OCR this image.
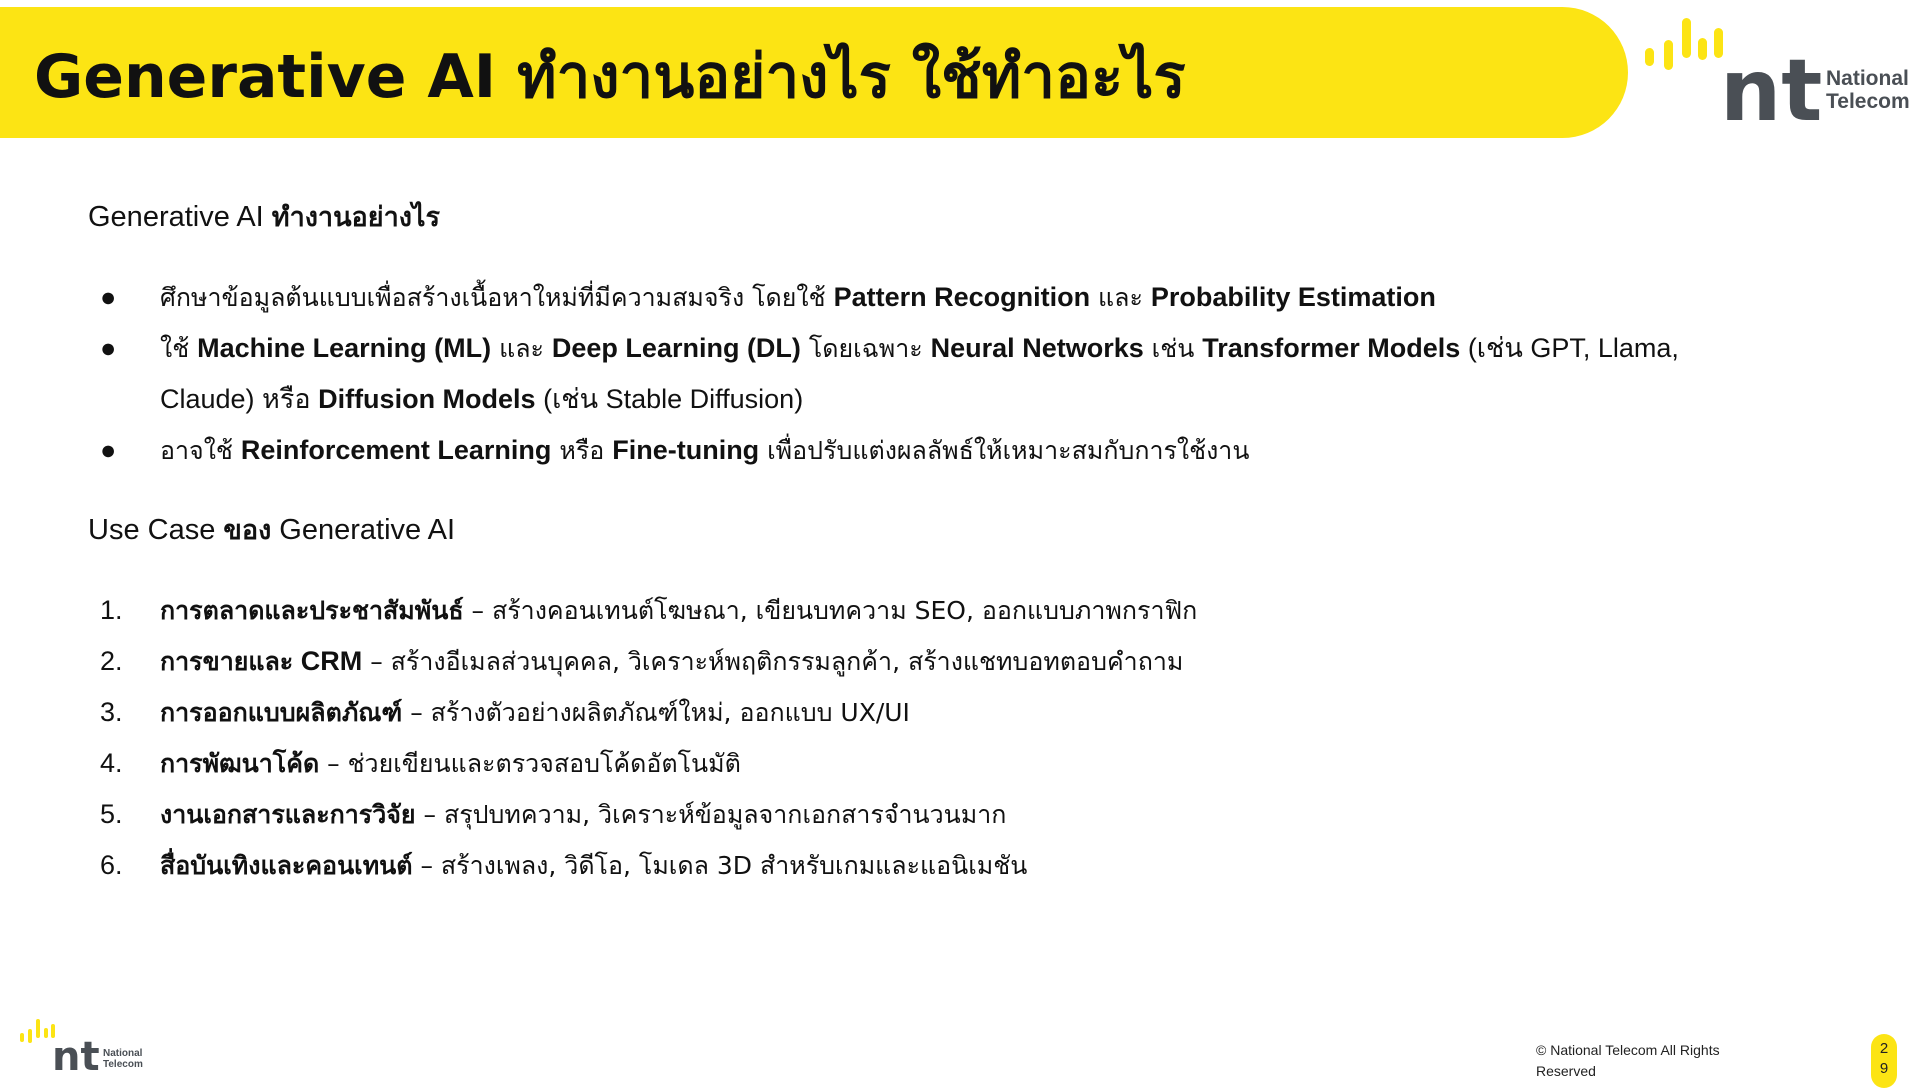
Generative AI ทำงานอย่างไร ใช้ทำอะไร	nt National
Telecom
Generative AI ทำงานอย่างไร
●	ศึกษาข้อมูลต้นแบบเพื่อสร้างเนื้อหาใหม่ที่มีความสมจริง โดยใช้ Pattern Recognition และ Probability Estimation
●	ใช้ Machine Learning (ML) และ Deep Learning (DL) โดยเฉพาะ Neural Networks เช่น Transformer Models (เช่น GPT, Llama,
Claude) หรือ Diffusion Models (เช่น Stable Diffusion)
●	อาจใช้ Reinforcement Learning หรือ Fine-tuning เพื่อปรับแต่งผลลัพธ์ให้เหมาะสมกับการใช้งาน
Use Case ของ Generative AI
1.	การตลาดและประชาสัมพันธ์ – สร้างคอนเทนต์โฆษณา, เขียนบทความ SEO, ออกแบบภาพกราฟิก
2.	การขายและ CRM – สร้างอีเมลส่วนบุคคล, วิเคราะห์พฤติกรรมลูกค้า, สร้างแชทบอทตอบคำถาม
3.	การออกแบบผลิตภัณฑ์ – สร้างตัวอย่างผลิตภัณฑ์ใหม่, ออกแบบ UX/UI
4.	การพัฒนาโค้ด – ช่วยเขียนและตรวจสอบโค้ดอัตโนมัติ
5.	งานเอกสารและการวิจัย – สรุปบทความ, วิเคราะห์ข้อมูลจากเอกสารจำนวนมาก
6.	สื่อบันเทิงและคอนเทนต์ – สร้างเพลง, วิดีโอ, โมเดล 3D สำหรับเกมและแอนิเมชัน
nt National
Telecom
© National Telecom All Rights
Reserved
2
9
